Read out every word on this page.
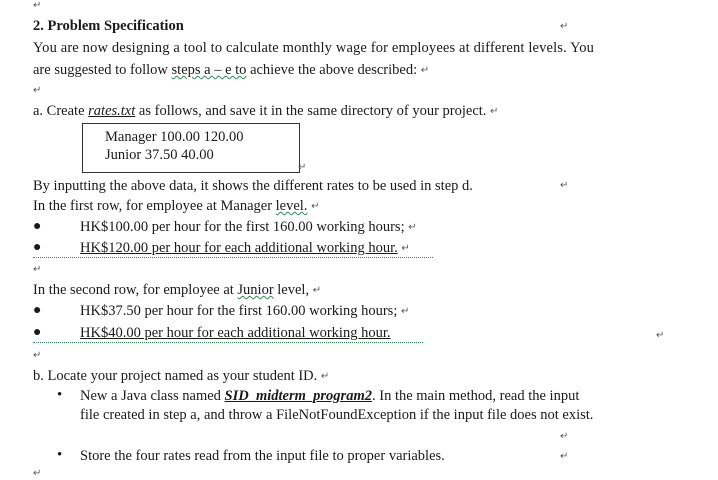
↵
2. Problem Specification	↵
You are now designing a tool to calculate monthly wage for employees at different levels. You
are suggested to follow steps a – e to achieve the above described: ↵
↵
a. Create rates.txt as follows, and save it in the same directory of your project. ↵
Manager 100.00 120.00
Junior 37.50 40.00
↵
By inputting the above data, it shows the different rates to be used in step d.	↵
In the first row, for employee at Manager level. ↵
●	HK$100.00 per hour for the first 160.00 working hours; ↵
●	HK$120.00 per hour for each additional working hour. ↵
↵
In the second row, for employee at Junior level, ↵
●	HK$37.50 per hour for the first 160.00 working hours; ↵
●	HK$40.00 per hour for each additional working hour.	↵
↵
b. Locate your project named as your student ID. ↵
• New a Java class named SID_midterm_program2. In the main method, read the input
file created in step a, and throw a FileNotFoundException if the input file does not exist.
↵
• Store the four rates read from the input file to proper variables.	↵
↵
